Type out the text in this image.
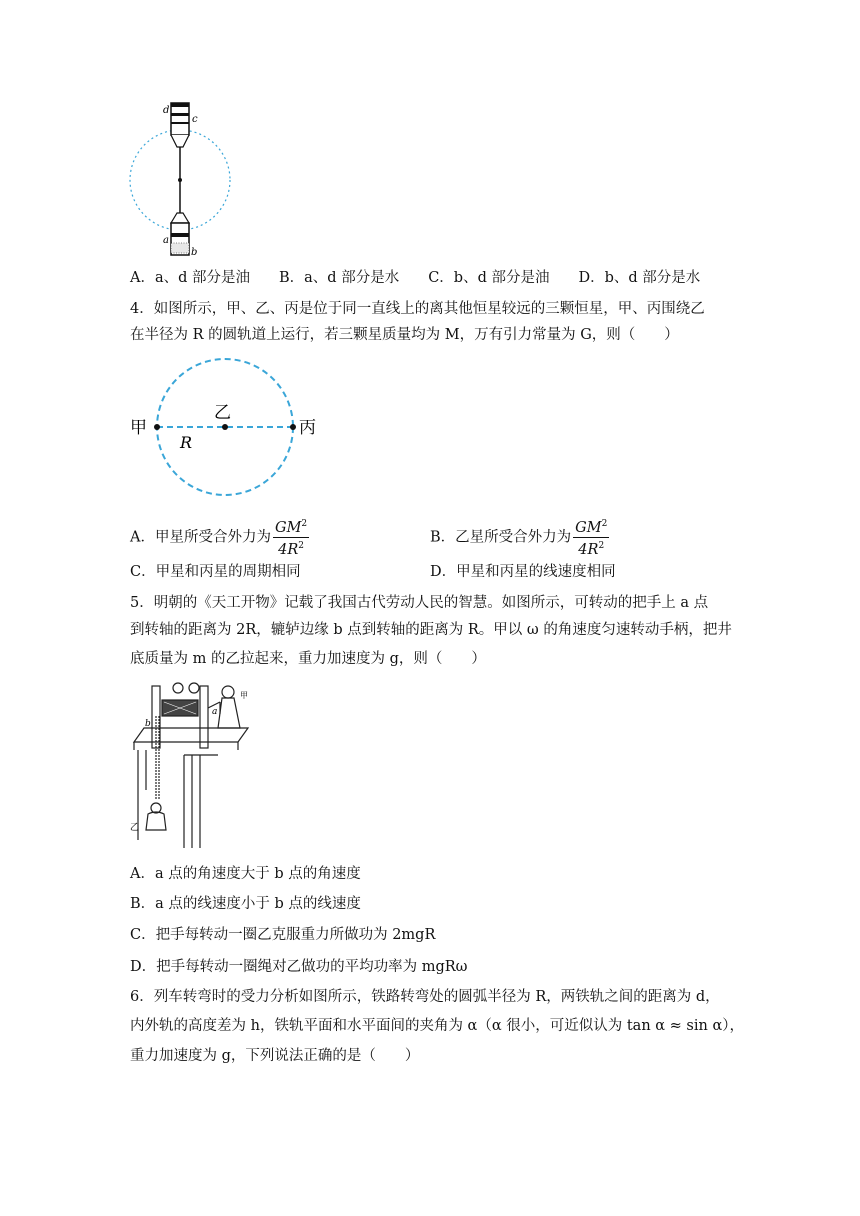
d
c
a
b
A．a、d 部分是油　　B．a、d 部分是水　　C．b、d 部分是油　　D．b、d 部分是水
4．如图所示，甲、乙、丙是位于同一直线上的离其他恒星较远的三颗恒星，甲、丙围绕乙
在半径为 R 的圆轨道上运行，若三颗星质量均为 M，万有引力常量为 G，则（　　）
甲
乙
丙
R
A．甲星所受合外力为 $\frac{GM^2}{4R^2}$	B．乙星所受合外力为 $\frac{GM^2}{4R^2}$
C．甲星和丙星的周期相同	D．甲星和丙星的线速度相同
5．明朝的《天工开物》记载了我国古代劳动人民的智慧。如图所示，可转动的把手上 a 点
到转轴的距离为 2R，辘轳边缘 b 点到转轴的距离为 R。甲以 ω 的角速度匀速转动手柄，把井
底质量为 m 的乙拉起来，重力加速度为 g，则（　　）
甲
a
b
乙
A．a 点的角速度大于 b 点的角速度
B．a 点的线速度小于 b 点的线速度
C．把手每转动一圈乙克服重力所做功为 2mgR
D．把手每转动一圈绳对乙做功的平均功率为 mgRω
6．列车转弯时的受力分析如图所示，铁路转弯处的圆弧半径为 R，两铁轨之间的距离为 d，
内外轨的高度差为 h，铁轨平面和水平面间的夹角为 α（α 很小，可近似认为 tan α ≈ sin α），
重力加速度为 g，下列说法正确的是（　　）
